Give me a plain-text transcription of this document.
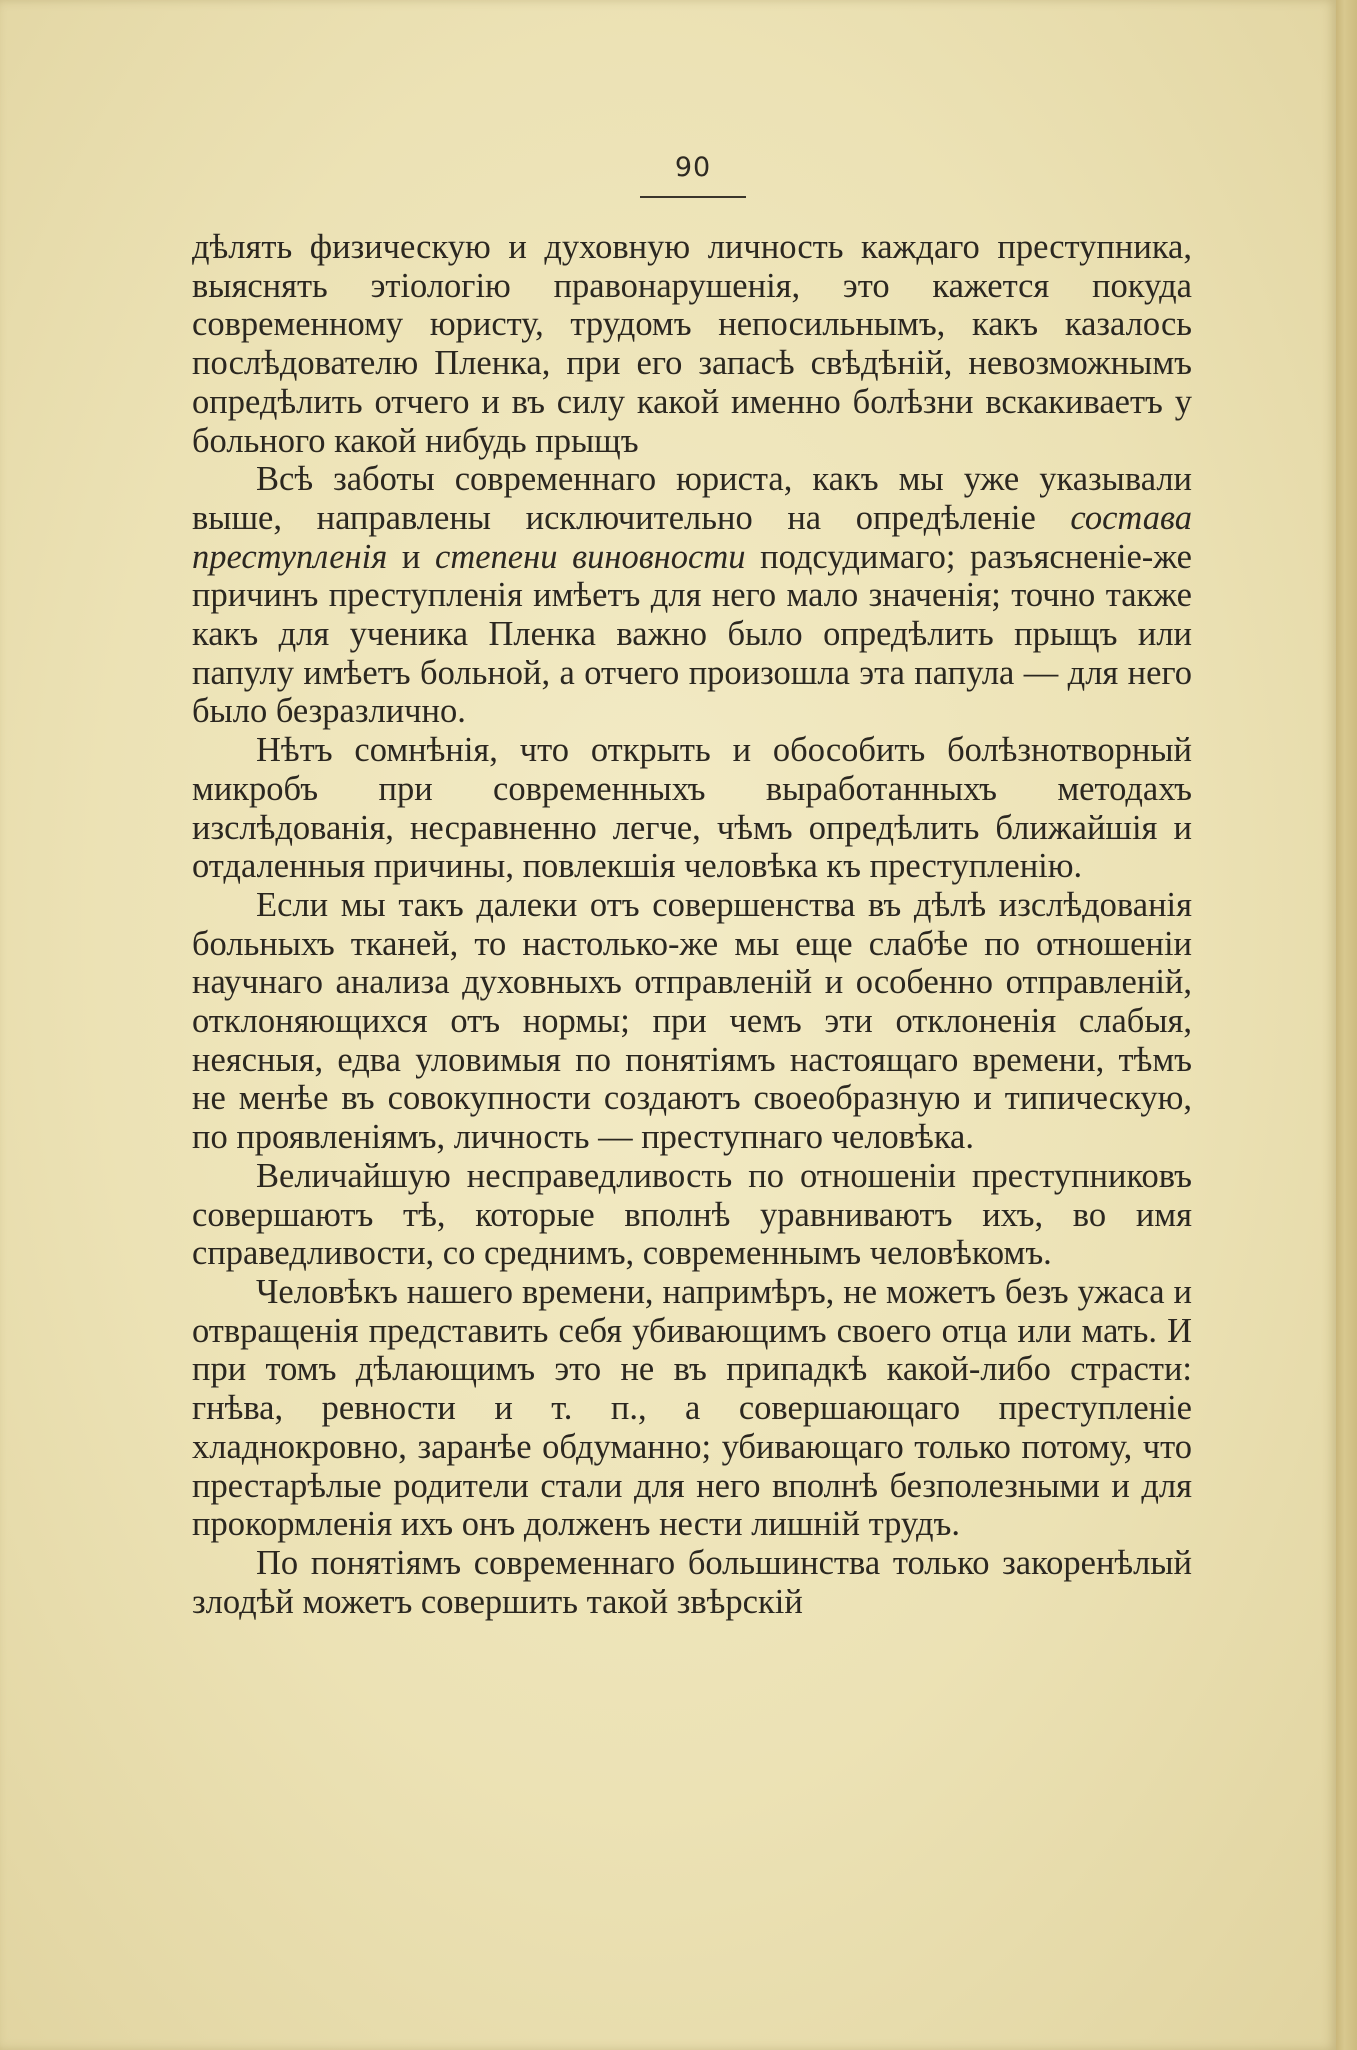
90

дѣлять физическую и духовную личность каждаго преступника, выяснять этіологію правонарушенія, это кажется покуда современному юристу, трудомъ непосильнымъ, какъ казалось послѣдователю Пленка, при его запасѣ свѣдѣній, невозможнымъ опредѣлить отчего и въ силу какой именно болѣзни вскакиваетъ у больного какой нибудь прыщъ

Всѣ заботы современнаго юриста, какъ мы уже указывали выше, направлены исключительно на опредѣленіе состава преступленія и степени виновности подсудимаго; разъясненіе-же причинъ преступленія имѣетъ для него мало значенія; точно также какъ для ученика Пленка важно было опредѣлить прыщъ или папулу имѣетъ больной, а отчего произошла эта папула — для него было безразлично.

Нѣтъ сомнѣнія, что открыть и обособить болѣзнотворный микробъ при современныхъ выработанныхъ методахъ изслѣдованія, несравненно легче, чѣмъ опредѣлить ближайшія и отдаленныя причины, повлекшія человѣка къ преступленію.

Если мы такъ далеки отъ совершенства въ дѣлѣ изслѣдованія больныхъ тканей, то настолько-же мы еще слабѣе по отношеніи научнаго анализа духовныхъ отправленій и особенно отправленій, отклоняющихся отъ нормы; при чемъ эти отклоненія слабыя, неясныя, едва уловимыя по понятіямъ настоящаго времени, тѣмъ не менѣе въ совокупности создаютъ своеобразную и типическую, по проявленіямъ, личность — преступнаго человѣка.

Величайшую несправедливость по отношеніи преступниковъ совершаютъ тѣ, которые вполнѣ уравниваютъ ихъ, во имя справедливости, со среднимъ, современнымъ человѣкомъ.

Человѣкъ нашего времени, напримѣръ, не можетъ безъ ужаса и отвращенія представить себя убивающимъ своего отца или мать. И при томъ дѣлающимъ это не въ припадкѣ какой-либо страсти: гнѣва, ревности и т. п., а совершающаго преступленіе хладнокровно, заранѣе обдуманно; убивающаго только потому, что престарѣлые родители стали для него вполнѣ безполезными и для прокормленія ихъ онъ долженъ нести лишній трудъ.

По понятіямъ современнаго большинства только закоренѣлый злодѣй можетъ совершить такой звѣрскій
